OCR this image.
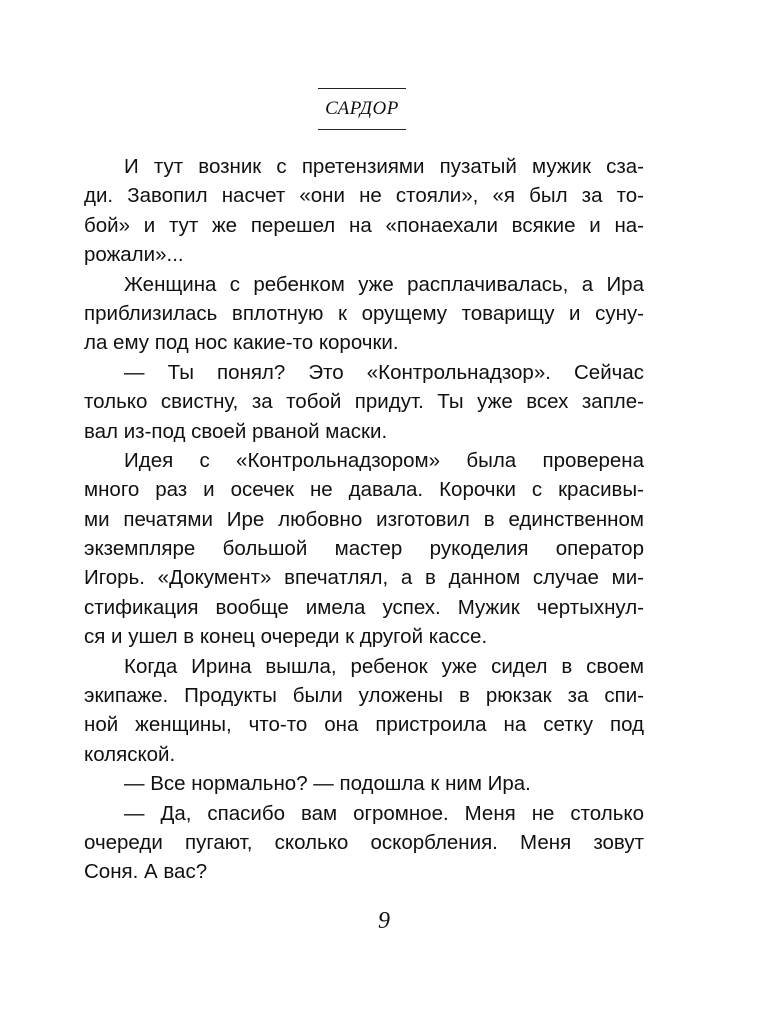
САРДОР
И тут возник с претензиями пузатый мужик сза-
ди. Завопил насчет «они не стояли», «я был за то-
бой» и тут же перешел на «понаехали всякие и на-
рожали»...
Женщина с ребенком уже расплачивалась, а Ира
приблизилась вплотную к орущему товарищу и суну-
ла ему под нос какие-то корочки.
— Ты понял? Это «Контрольнадзор». Сейчас
только свистну, за тобой придут. Ты уже всех запле-
вал из-под своей рваной маски.
Идея с «Контрольнадзором» была проверена
много раз и осечек не давала. Корочки с красивы-
ми печатями Ире любовно изготовил в единственном
экземпляре большой мастер рукоделия оператор
Игорь. «Документ» впечатлял, а в данном случае ми-
стификация вообще имела успех. Мужик чертыхнул-
ся и ушел в конец очереди к другой кассе.
Когда Ирина вышла, ребенок уже сидел в своем
экипаже. Продукты были уложены в рюкзак за спи-
ной женщины, что-то она пристроила на сетку под
коляской.
— Все нормально? — подошла к ним Ира.
— Да, спасибо вам огромное. Меня не столько
очереди пугают, сколько оскорбления. Меня зовут
Соня. А вас?
9
